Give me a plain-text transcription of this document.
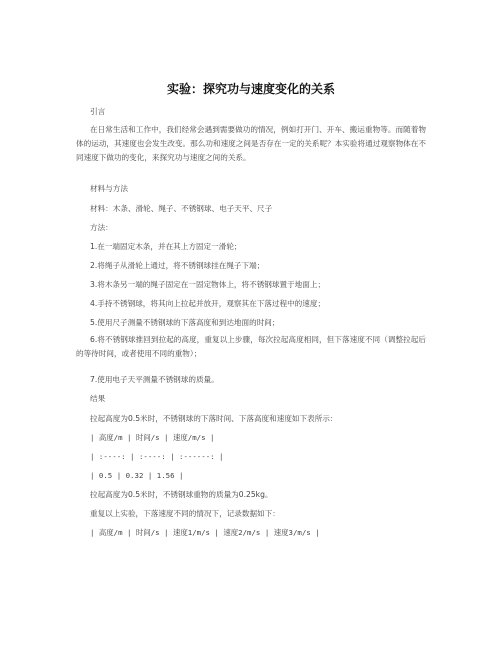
实验：探究功与速度变化的关系

引言

在日常生活和工作中，我们经常会遇到需要做功的情况，例如打开门、开车、搬运重物等。而随着物体的运动，其速度也会发生改变。那么功和速度之间是否存在一定的关系呢？本实验将通过观察物体在不同速度下做功的变化，来探究功与速度之间的关系。

材料与方法

材料：木条、滑轮、绳子、不锈钢球、电子天平、尺子

方法：

1.在一端固定木条，并在其上方固定一滑轮；

2.将绳子从滑轮上通过，将不锈钢球挂在绳子下端；

3.将木条另一端的绳子固定在一固定物体上，将不锈钢球置于地面上；

4.手持不锈钢球，将其向上拉起并放开，观察其在下落过程中的速度；

5.使用尺子测量不锈钢球的下落高度和到达地面的时间；

6.将不锈钢球推回到拉起的高度，重复以上步骤，每次拉起高度相同，但下落速度不同（调整拉起后的等待时间，或者使用不同的重物）；

7.使用电子天平测量不锈钢球的质量。

结果

拉起高度为0.5米时，不锈钢球的下落时间、下落高度和速度如下表所示：

| 高度/m | 时间/s | 速度/m/s |

| :----: | :----: | :------: |

| 0.5 | 0.32 | 1.56 |

拉起高度为0.5米时，不锈钢球重物的质量为0.25kg。

重复以上实验，下落速度不同的情况下，记录数据如下：

| 高度/m | 时间/s | 速度1/m/s | 速度2/m/s | 速度3/m/s |
